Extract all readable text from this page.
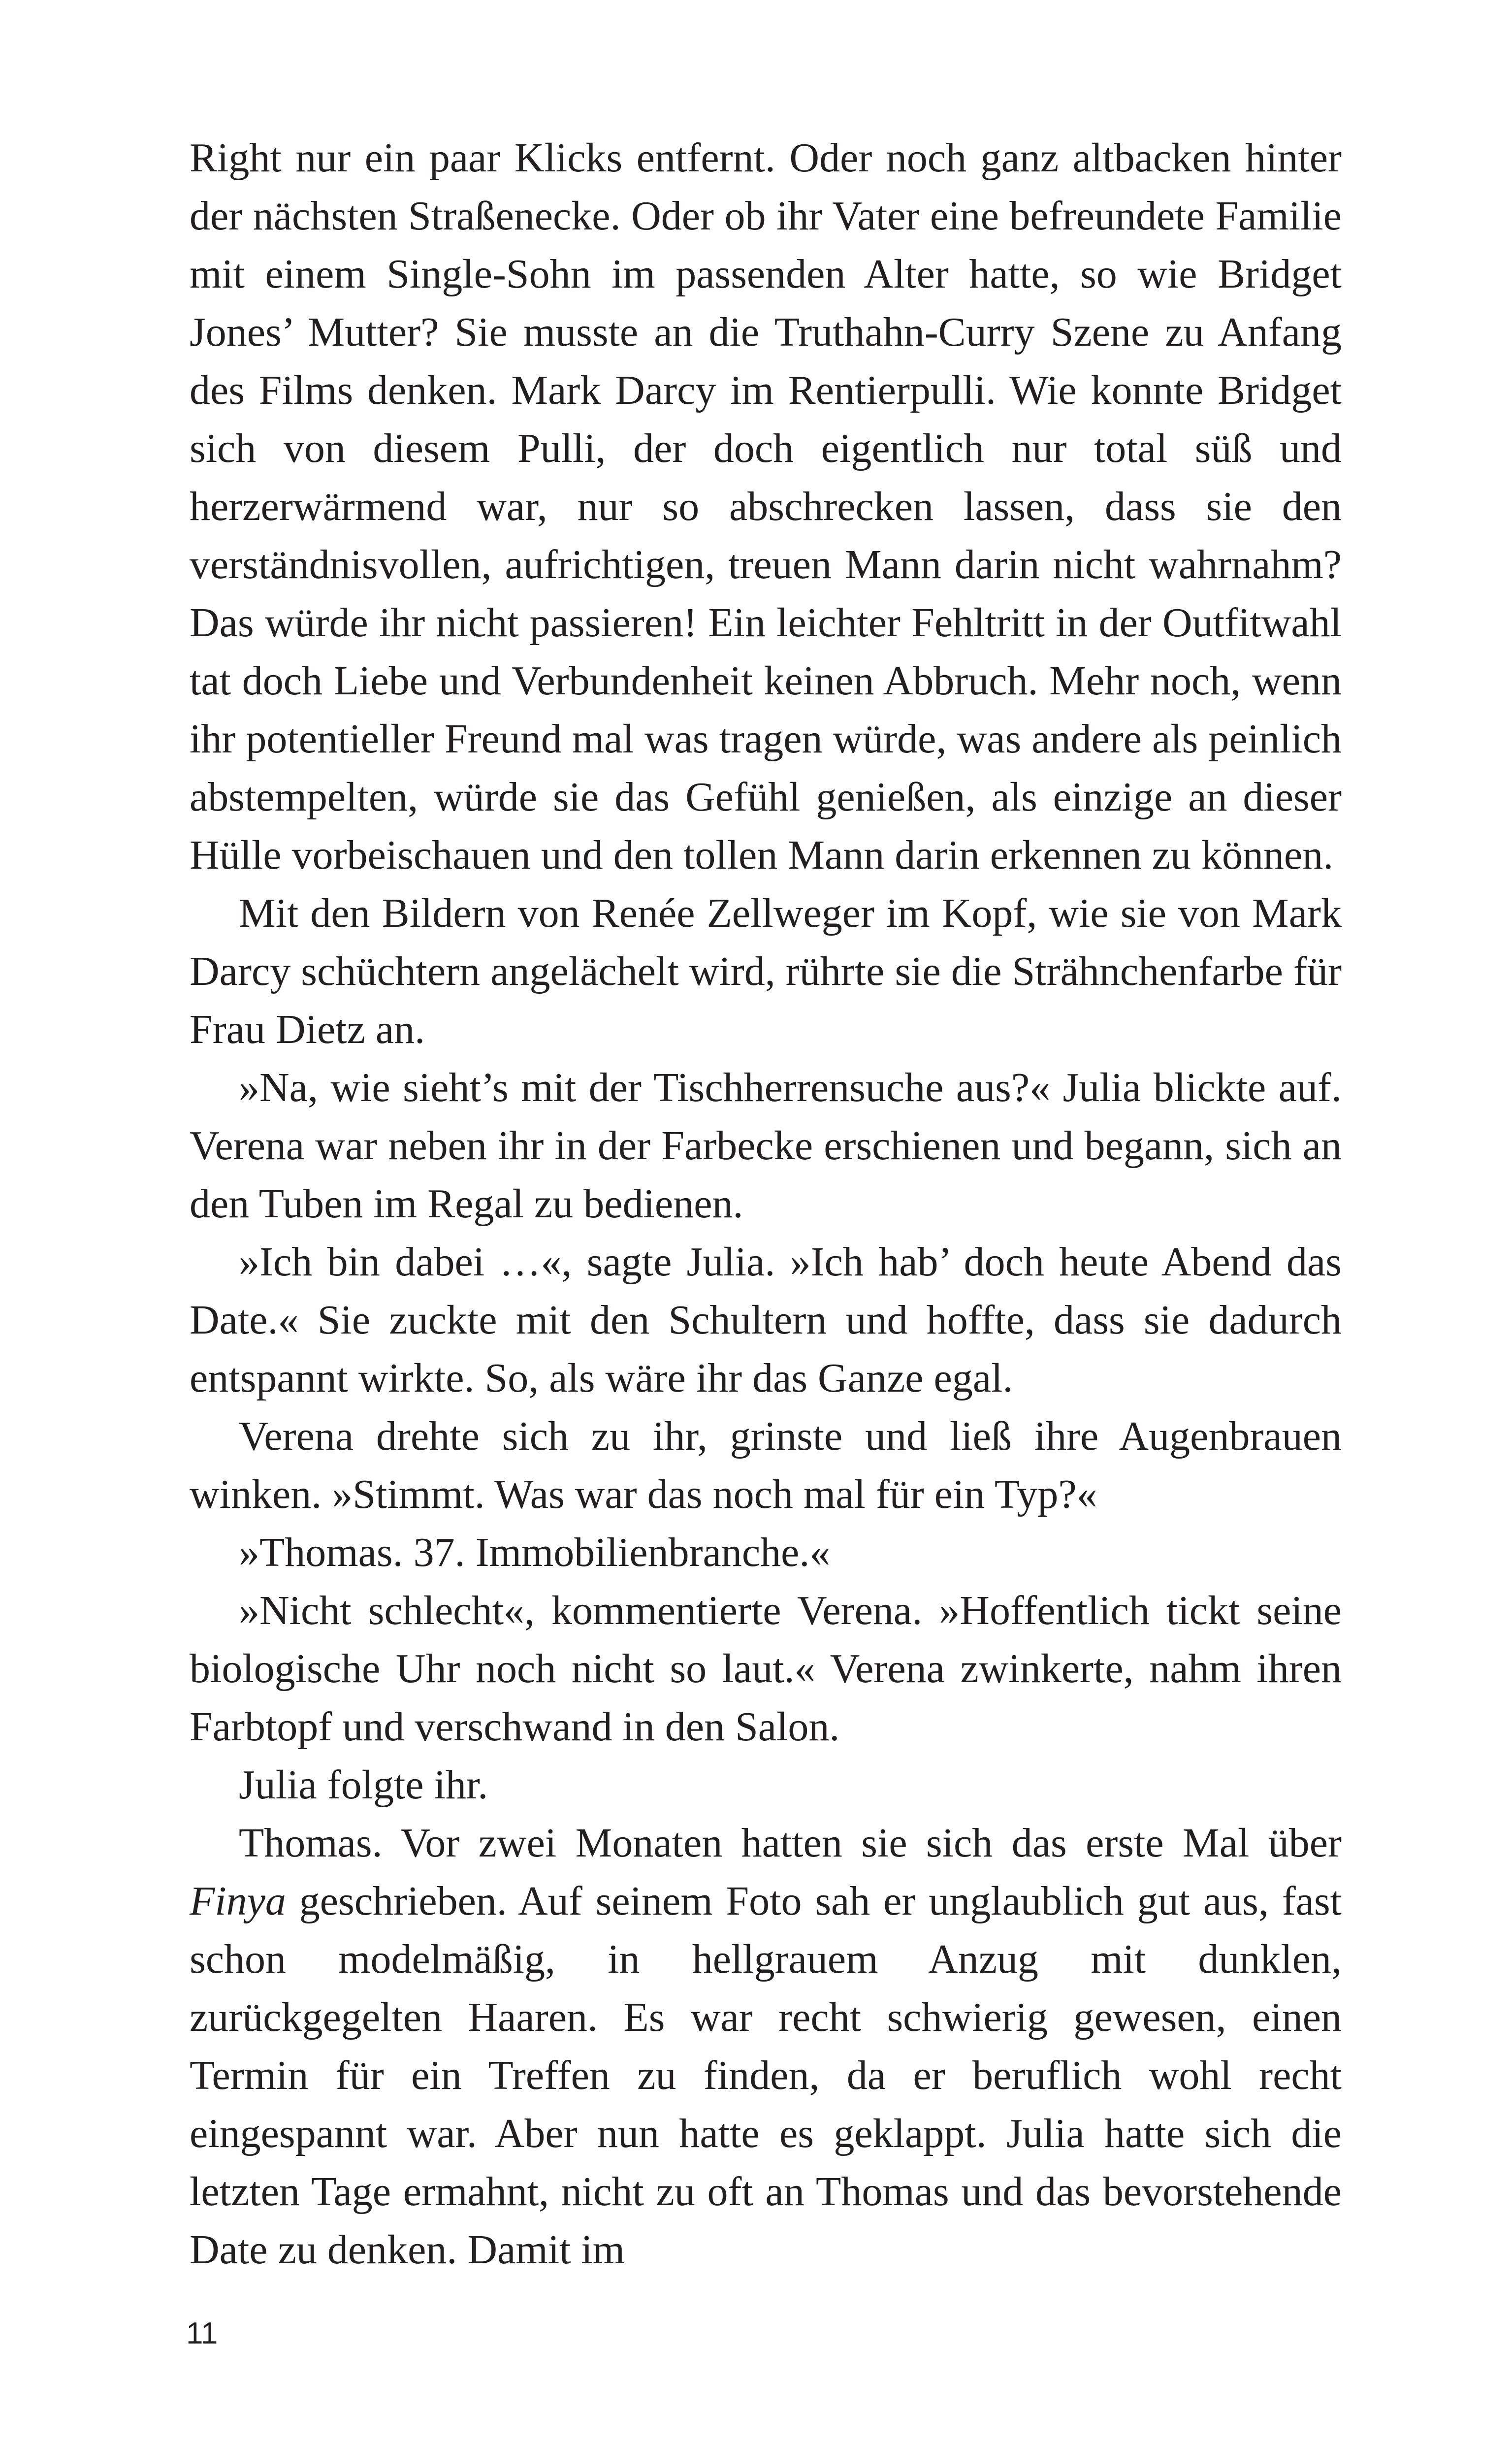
Right nur ein paar Klicks entfernt. Oder noch ganz altbacken hinter der nächsten Straßenecke. Oder ob ihr Vater eine befreundete Familie mit einem Single-Sohn im passenden Alter hatte, so wie Bridget Jones’ Mutter? Sie musste an die Truthahn-Curry Szene zu Anfang des Films denken. Mark Darcy im Rentierpulli. Wie konnte Bridget sich von diesem Pulli, der doch eigentlich nur total süß und herzerwärmend war, nur so abschrecken lassen, dass sie den verständnisvollen, aufrichtigen, treuen Mann darin nicht wahrnahm? Das würde ihr nicht passieren! Ein leichter Fehltritt in der Outfitwahl tat doch Liebe und Verbundenheit keinen Abbruch. Mehr noch, wenn ihr potentieller Freund mal was tragen würde, was andere als peinlich abstempelten, würde sie das Gefühl genießen, als einzige an dieser Hülle vorbeischauen und den tollen Mann darin erkennen zu können.

Mit den Bildern von Renée Zellweger im Kopf, wie sie von Mark Darcy schüchtern angelächelt wird, rührte sie die Strähnchenfarbe für Frau Dietz an.

»Na, wie sieht’s mit der Tischherrensuche aus?« Julia blickte auf. Verena war neben ihr in der Farbecke erschienen und begann, sich an den Tuben im Regal zu bedienen.

»Ich bin dabei …«, sagte Julia. »Ich hab’ doch heute Abend das Date.« Sie zuckte mit den Schultern und hoffte, dass sie dadurch entspannt wirkte. So, als wäre ihr das Ganze egal.

Verena drehte sich zu ihr, grinste und ließ ihre Augenbrauen winken. »Stimmt. Was war das noch mal für ein Typ?«

»Thomas. 37. Immobilienbranche.«

»Nicht schlecht«, kommentierte Verena. »Hoffentlich tickt seine biologische Uhr noch nicht so laut.« Verena zwinkerte, nahm ihren Farbtopf und verschwand in den Salon.

Julia folgte ihr.

Thomas. Vor zwei Monaten hatten sie sich das erste Mal über Finya geschrieben. Auf seinem Foto sah er unglaublich gut aus, fast schon modelmäßig, in hellgrauem Anzug mit dunklen, zurückgegelten Haaren. Es war recht schwierig gewesen, einen Termin für ein Treffen zu finden, da er beruflich wohl recht eingespannt war. Aber nun hatte es geklappt. Julia hatte sich die letzten Tage ermahnt, nicht zu oft an Thomas und das bevorstehende Date zu denken. Damit im

11
